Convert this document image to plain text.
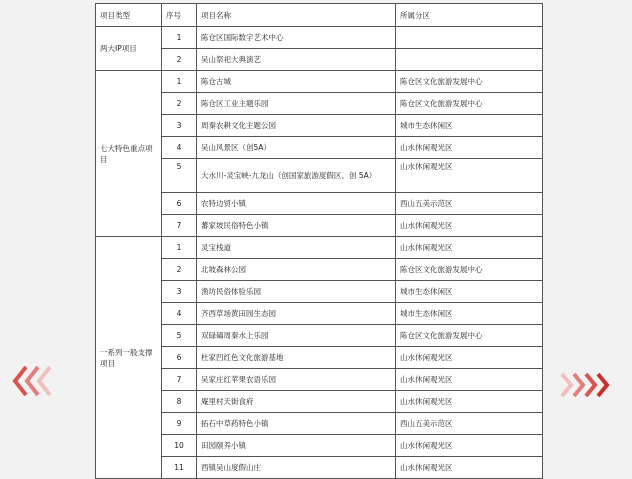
项目类型	序号	项目名称	所属分区
两大IP项目	1	陈仓区国际数字艺术中心	
	2	吴山祭祀大典演艺	
七大特色重点项目	1	陈仓古城	陈仓区文化旅游发展中心
	2	陈仓区工业主题乐园	陈仓区文化旅游发展中心
	3	周秦农耕文化主题公园	城市生态休闲区
	4	吴山风景区（创5A）	山水休闲观光区
	5	大水川-灵宝峡-九龙山（创国家旅游度假区、创 5A）	山水休闲观光区
	6	农特边贸小镇	西山五美示范区
	7	蕃家坡民俗特色小镇	山水休闲观光区
一系列一般支撑项目	1	灵宝栈道	山水休闲观光区
	2	北坡森林公园	陈仓区文化旅游发展中心
	3	渔坊民俗体验乐园	城市生态休闲区
	4	齐西草场黄田园生态园	城市生态休闲区
	5	双碌碡周秦水上乐园	陈仓区文化旅游发展中心
	6	杜家凹红色文化旅游基地	山水休闲观光区
	7	吴家庄红苹果农语乐园	山水休闲观光区
	8	庵里村天街食府	山水休闲观光区
	9	拓石中草药特色小镇	西山五美示范区
	10	田园颐养小镇	山水休闲观光区
	11	西镇吴山度假山庄	山水休闲观光区
